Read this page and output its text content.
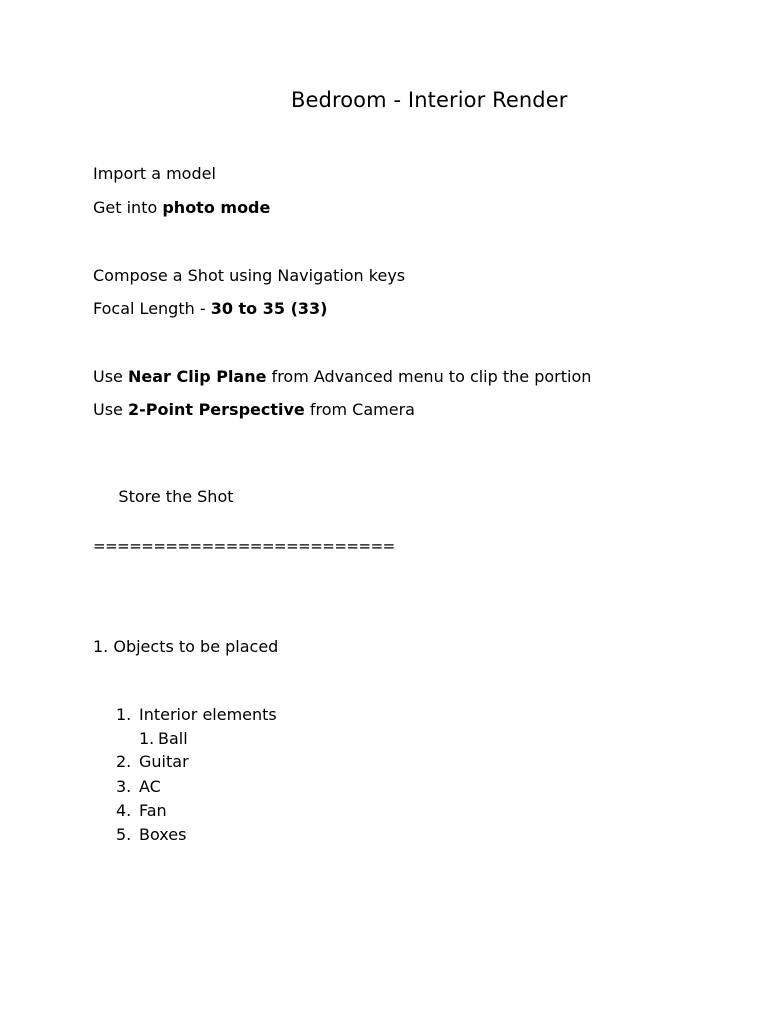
Bedroom - Interior Render
Import a model
Get into photo mode
Compose a Shot using Navigation keys
Focal Length - 30 to 35 (33)
Use Near Clip Plane from Advanced menu to clip the portion
Use 2-Point Perspective from Camera

Store the Shot

=========================
1. Objects to be placed
1. Interior elements
1. Ball
2. Guitar
3. AC
4. Fan
5. Boxes
